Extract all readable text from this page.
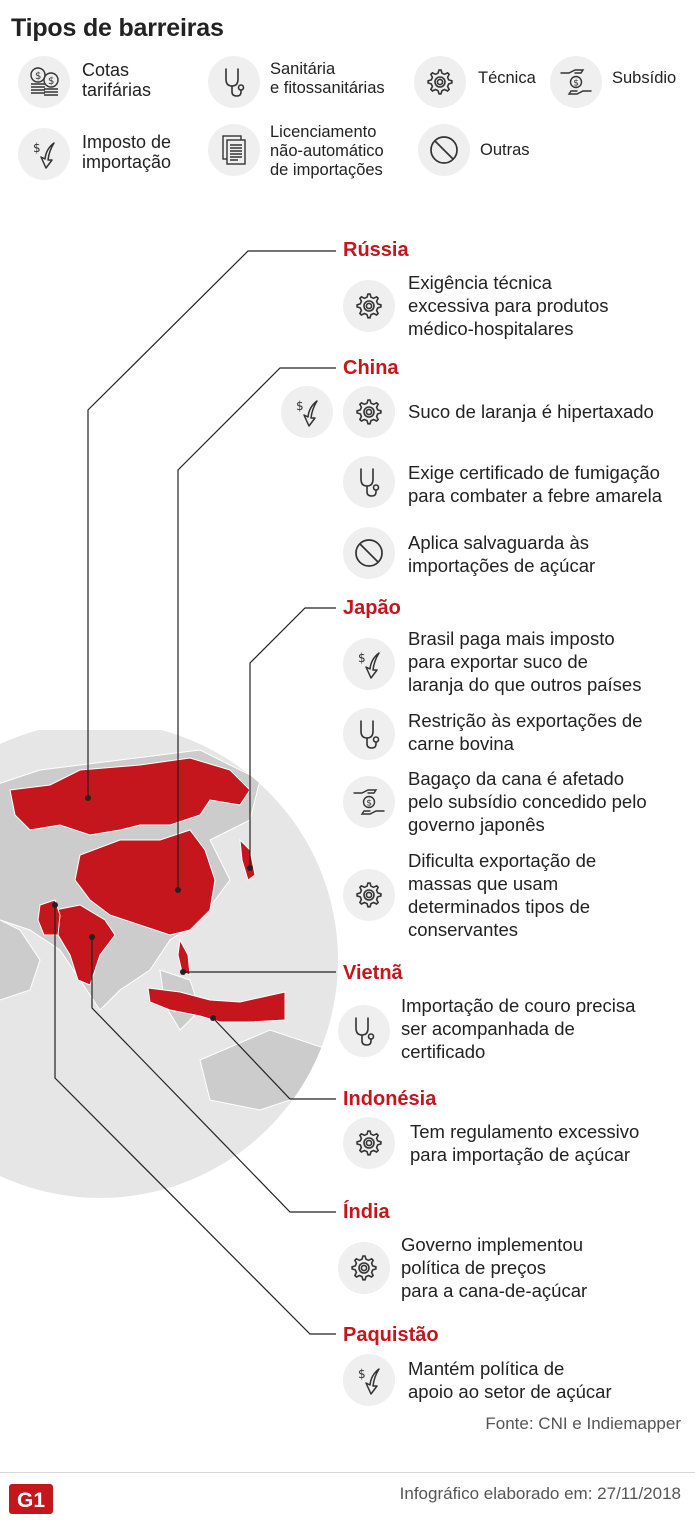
Tipos de barreiras
Cotas
tarifárias
Sanitária
e fitossanitárias
Técnica	Subsídio
Imposto de
importação
Licenciamento
não-automático
de importações
Outras
Rússia
Exigência técnica
excessiva para produtos
médico-hospitalares
China
Suco de laranja é hipertaxado
Exige certificado de fumigação
para combater a febre amarela
Aplica salvaguarda às
importações de açúcar
Japão
Brasil paga mais imposto
para exportar suco de
laranja do que outros países
Restrição às exportações de
carne bovina
Bagaço da cana é afetado
pelo subsídio concedido pelo
governo japonês
Dificulta exportação de
massas que usam
determinados tipos de
conservantes
Vietnã
Importação de couro precisa
ser acompanhada de
certificado
Indonésia
Tem regulamento excessivo
para importação de açúcar
Índia
Governo implementou
política de preços
para a cana-de-açúcar
Paquistão
Mantém política de
apoio ao setor de açúcar
Fonte: CNI e Indiemapper
G1	Infográfico elaborado em: 27/11/2018
